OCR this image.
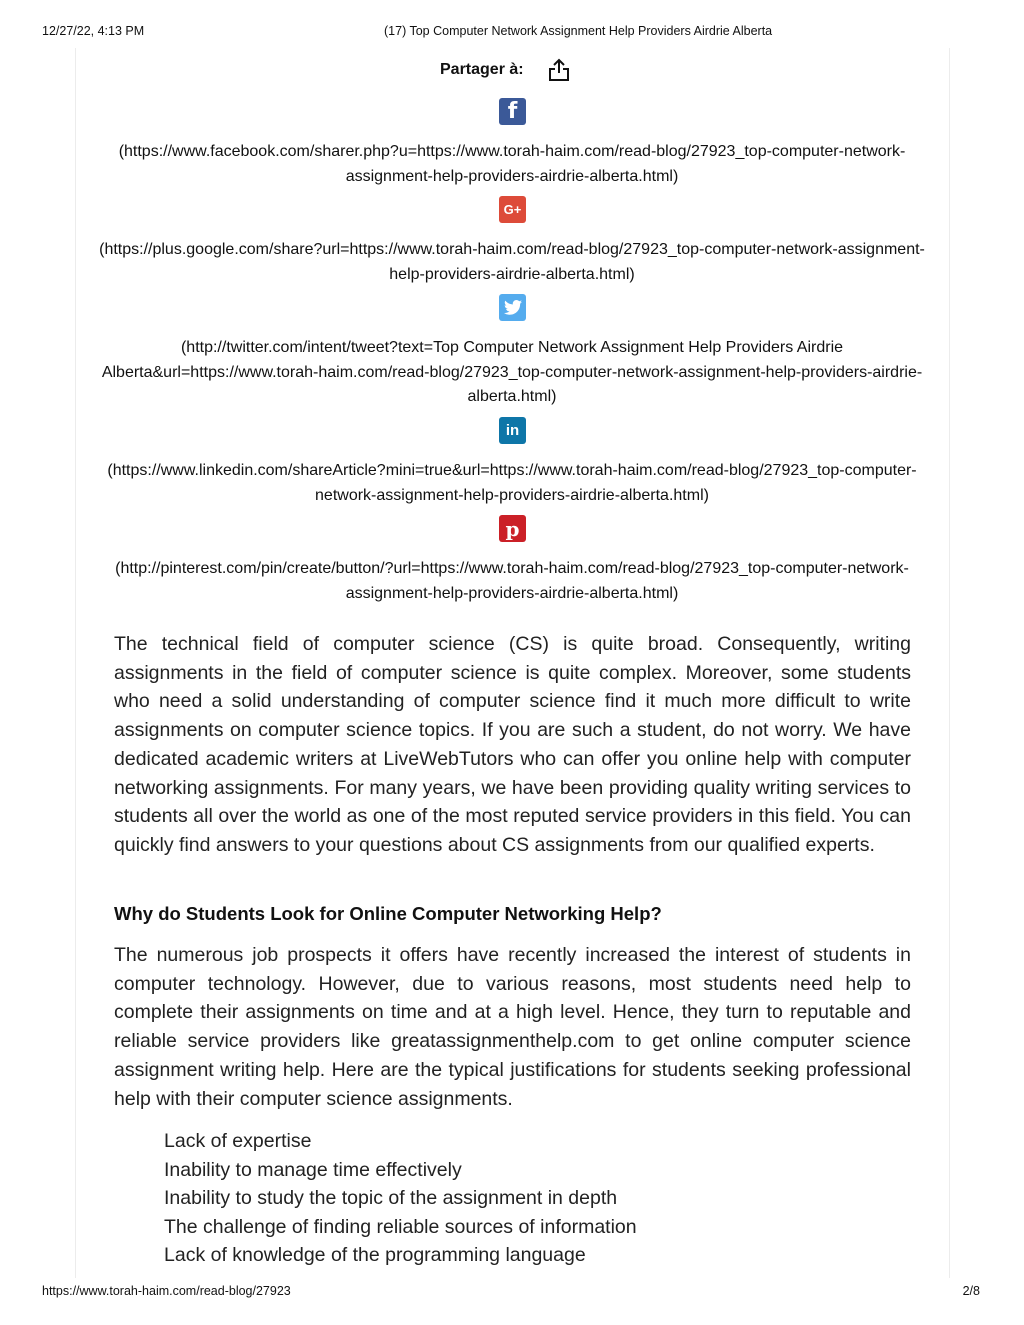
12/27/22, 4:13 PM	(17) Top Computer Network Assignment Help Providers Airdrie Alberta
Partager à:
f
(https://www.facebook.com/sharer.php?u=https://www.torah-haim.com/read-blog/27923_top-computer-network-assignment-help-providers-airdrie-alberta.html)
G+
(https://plus.google.com/share?url=https://www.torah-haim.com/read-blog/27923_top-computer-network-assignment-help-providers-airdrie-alberta.html)
(http://twitter.com/intent/tweet?text=Top Computer Network Assignment Help Providers Airdrie Alberta&url=https://www.torah-haim.com/read-blog/27923_top-computer-network-assignment-help-providers-airdrie-alberta.html)
in
(https://www.linkedin.com/shareArticle?mini=true&url=https://www.torah-haim.com/read-blog/27923_top-computer-network-assignment-help-providers-airdrie-alberta.html)
p
(http://pinterest.com/pin/create/button/?url=https://www.torah-haim.com/read-blog/27923_top-computer-network-assignment-help-providers-airdrie-alberta.html)

The technical field of computer science (CS) is quite broad. Consequently, writing assignments in the field of computer science is quite complex. Moreover, some students who need a solid understanding of computer science find it much more difficult to write assignments on computer science topics. If you are such a student, do not worry. We have dedicated academic writers at LiveWebTutors who can offer you online help with computer networking assignments. For many years, we have been providing quality writing services to students all over the world as one of the most reputed service providers in this field. You can quickly find answers to your questions about CS assignments from our qualified experts.

Why do Students Look for Online Computer Networking Help?

The numerous job prospects it offers have recently increased the interest of students in computer technology. However, due to various reasons, most students need help to complete their assignments on time and at a high level. Hence, they turn to reputable and reliable service providers like greatassignmenthelp.com to get online computer science assignment writing help. Here are the typical justifications for students seeking professional help with their computer science assignments.

Lack of expertise
Inability to manage time effectively
Inability to study the topic of the assignment in depth
The challenge of finding reliable sources of information
Lack of knowledge of the programming language
https://www.torah-haim.com/read-blog/27923	2/8
